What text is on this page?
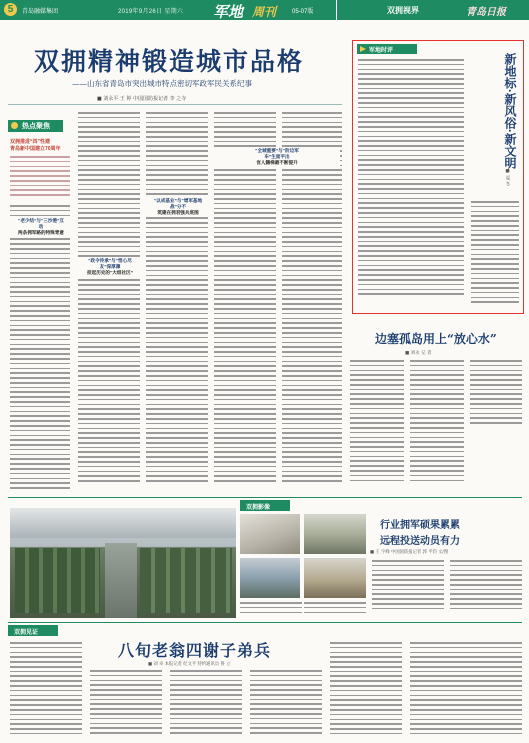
5	青岛融媒集团	2019年9月26日 星期六 军地 周刊	05-07版	双拥视界	青岛日报
双拥精神锻造城市品格
——山东省青岛市突出城市特点密切军政军民关系纪事
■ 刘永平 王 婷 中国国防报记者 李 之寺
热点聚焦
双拥推进“四”性建
青岛新中国建立70周年
“老少结”与“三沙港”互
动
两条拥军路的特殊青意
“政令传承”与“悟心尽
友”深厚薄
担起历史的“大组社区”
“以成基业”与“增军基地
战”分不
筑建在拥君强兵底图
“全城重要”与“阶边军
车”生面平出
官人籍梯最不断提升
军地时评
新地标·新风俗·新文明
■ 夏 冬
边塞孤岛用上“放心水”
■ 刘永 记 者
双拥影像
行业拥军硕果累累
远程投送动员有力
■ 王 宇峰 中国国防报记者 郭 平钧 文/图
双拥见证
八旬老翁四谢子弟兵
■ 刘 卓 本报记者 纪文平 特约通讯员 鲁 立
